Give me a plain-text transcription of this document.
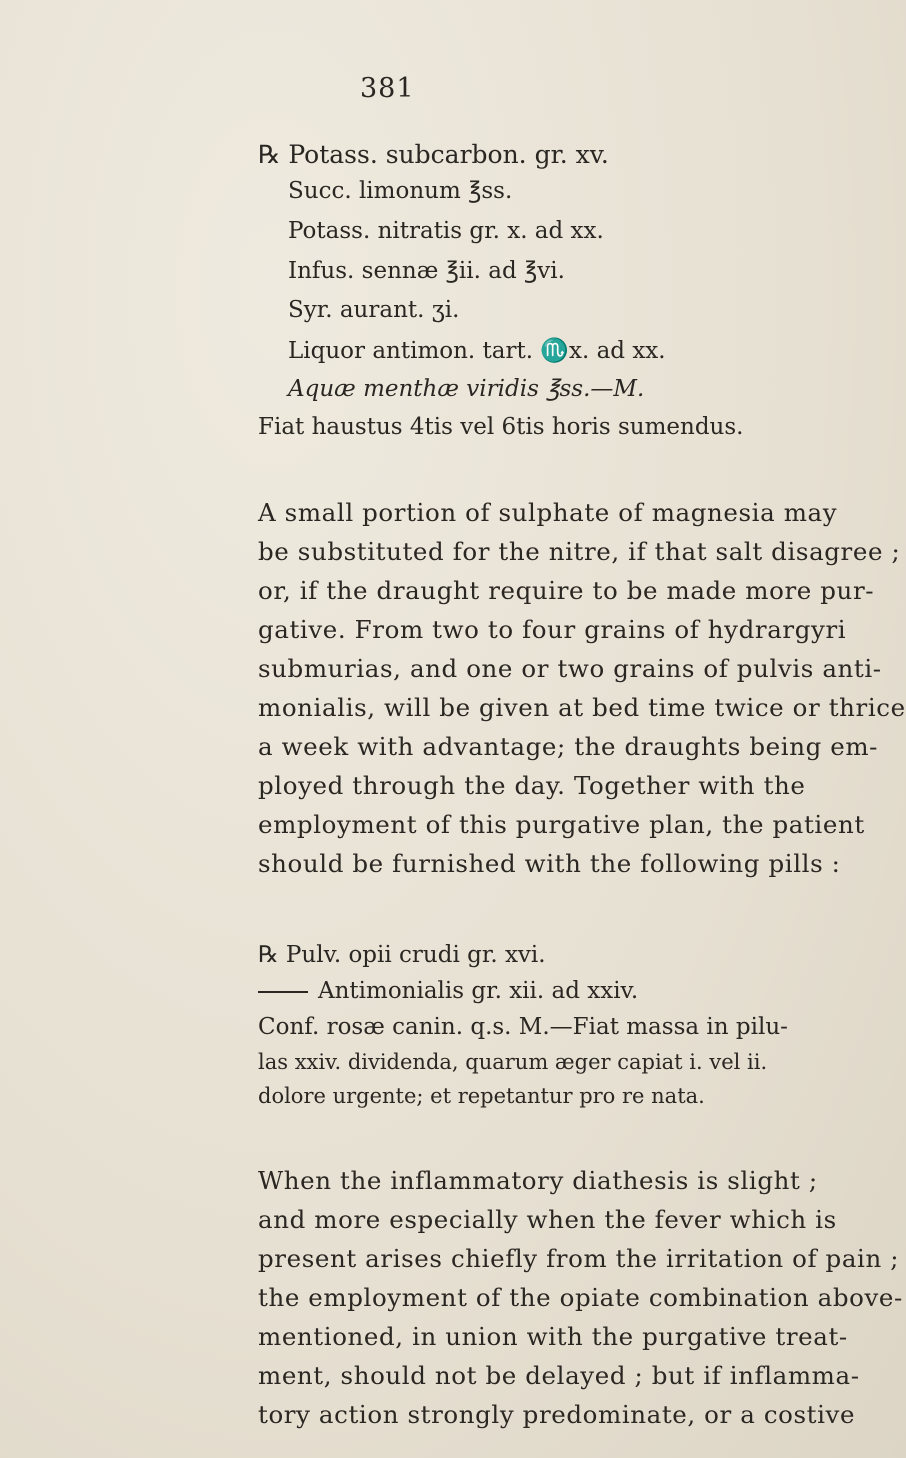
381
℞ Potass. subcarbon. gr. xv.
Succ. limonum ℥ss.
Potass. nitratis gr. x. ad xx.
Infus. sennæ ℥ii. ad ℥vi.
Syr. aurant. ʒi.
Liquor antimon. tart. ♏x. ad xx.
Aquæ menthæ viridis ℥ss.—M.
Fiat haustus 4tis vel 6tis horis sumendus.
A small portion of sulphate of magnesia may
be substituted for the nitre, if that salt disagree ;
or, if the draught require to be made more pur-
gative. From two to four grains of hydrargyri
submurias, and one or two grains of pulvis anti-
monialis, will be given at bed time twice or thrice
a week with advantage; the draughts being em-
ployed through the day. Together with the
employment of this purgative plan, the patient
should be furnished with the following pills :
℞ Pulv. opii crudi gr. xvi.
Antimonialis gr. xii. ad xxiv.
Conf. rosæ canin. q.s. M.—Fiat massa in pilu-
las xxiv. dividenda, quarum æger capiat i. vel ii.
dolore urgente; et repetantur pro re nata.
When the inflammatory diathesis is slight ;
and more especially when the fever which is
present arises chiefly from the irritation of pain ;
the employment of the opiate combination above-
mentioned, in union with the purgative treat-
ment, should not be delayed ; but if inflamma-
tory action strongly predominate, or a costive
